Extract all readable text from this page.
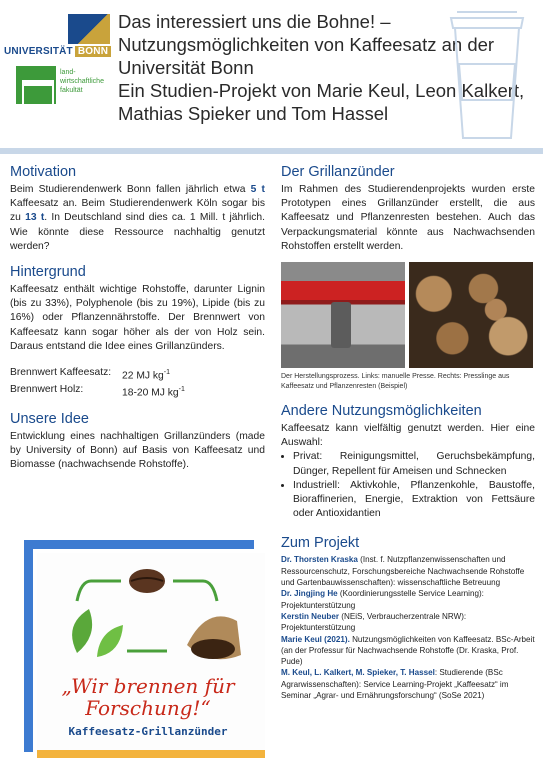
UNIVERSITÄT BONN
land-
wirtschaftliche
fakultät
Das interessiert uns die Bohne! –
Nutzungsmöglichkeiten von Kaffeesatz an der
Universität Bonn
Ein Studien-Projekt von Marie Keul, Leon Kalkert,
Mathias Spieker und Tom Hassel
Motivation

Beim Studierendenwerk Bonn fallen jährlich etwa 5 t Kaffeesatz an. Beim Studierendenwerk Köln sogar bis zu 13 t. In Deutschland sind dies ca. 1 Mill. t jährlich. Wie könnte diese Ressource nachhaltig genutzt werden?

Hintergrund

Kaffeesatz enthält wichtige Rohstoffe, darunter Lignin (bis zu 33%), Polyphenole (bis zu 19%), Lipide (bis zu 16%) oder Pflanzennährstoffe. Der Brennwert von Kaffeesatz kann sogar höher als der von Holz sein. Daraus entstand die Idee eines Grillanzünders.

Brennwert Kaffeesatz:	22 MJ $kg^{-1}$
Brennwert Holz:	18-20 MJ $kg^{-1}$
Unsere Idee

Entwicklung eines nachhaltigen Grillanzünders (made by University of Bonn) auf Basis von Kaffeesatz und Biomasse (nachwachsende Rohstoffe).

„Wir brennen für
Forschung!“
Kaffeesatz-Grillanzünder
Der Grillanzünder

Im Rahmen des Studierendenprojekts wurden erste Prototypen eines Grillanzünder erstellt, die aus Kaffeesatz und Pflanzenresten bestehen. Auch das Verpackungsmaterial könnte aus Nachwachsenden Rohstoffen erstellt werden.

Der Herstellungsprozess. Links: manuelle Presse. Rechts: Presslinge aus Kaffeesatz und Pflanzenresten (Beispiel)
Andere Nutzungsmöglichkeiten

Kaffeesatz kann vielfältig genutzt werden. Hier eine Auswahl:

• Privat: Reinigungsmittel, Geruchsbekämpfung, Dünger, Repellent für Ameisen und Schnecken
• Industriell: Aktivkohle, Pflanzenkohle, Baustoffe, Bioraffinerien, Energie, Extraktion von Fettsäure oder Antioxidantien
Zum Projekt

Dr. Thorsten Kraska (Inst. f. Nutzpflanzenwissenschaften und Ressourcenschutz, Forschungsbereiche Nachwachsende Rohstoffe und Gartenbauwissenschaften): wissenschaftliche Betreuung

Dr. Jingjing He (Koordinierungsstelle Service Learning): Projektunterstützung

Kerstin Neuber (NEiS, Verbraucherzentrale NRW): Projektunterstützung

Marie Keul (2021). Nutzungsmöglichkeiten von Kaffeesatz. BSc-Arbeit (an der Professur für Nachwachsende Rohstoffe (Dr. Kraska, Prof. Pude)

M. Keul, L. Kalkert, M. Spieker, T. Hassel: Studierende (BSc Agrarwissenschaften): Service Learning-Projekt „Kaffeesatz“ im Seminar „Agrar- und Ernährungsforschung“ (SoSe 2021)
